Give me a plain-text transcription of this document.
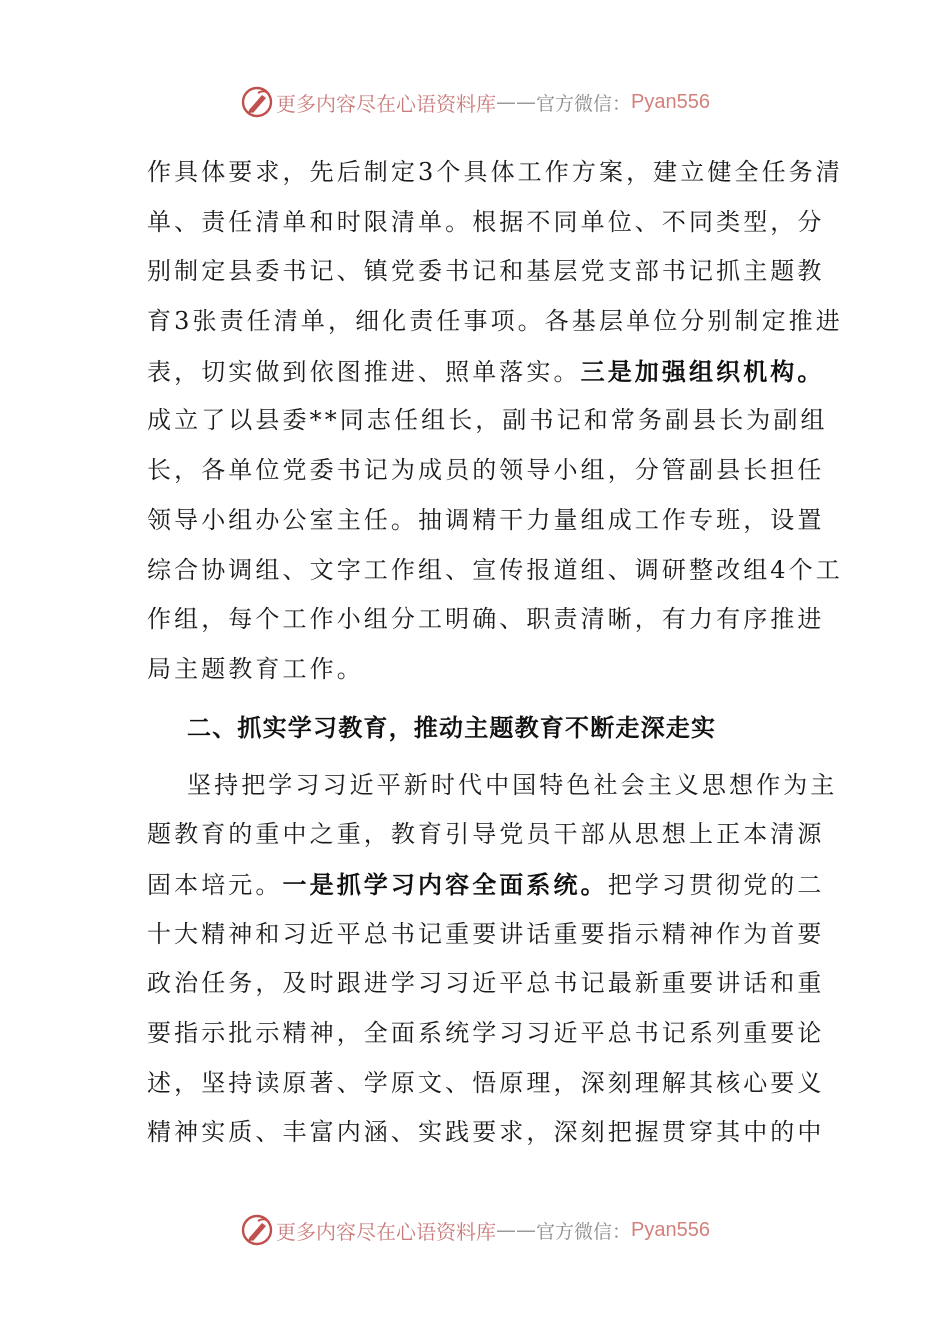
更多内容尽在心语资料库 —— 官方微信： Pyan556
作具体要求，先后制定3个具体工作方案，建立健全任务清
单、责任清单和时限清单。根据不同单位、不同类型，分
别制定县委书记、镇党委书记和基层党支部书记抓主题教
育3张责任清单，细化责任事项。各基层单位分别制定推进
表，切实做到依图推进、照单落实。三是加强组织机构。
成立了以县委**同志任组长，副书记和常务副县长为副组
长，各单位党委书记为成员的领导小组，分管副县长担任
领导小组办公室主任。抽调精干力量组成工作专班，设置
综合协调组、文字工作组、宣传报道组、调研整改组4个工
作组，每个工作小组分工明确、职责清晰，有力有序推进
局主题教育工作。
二、抓实学习教育，推动主题教育不断走深走实
坚持把学习习近平新时代中国特色社会主义思想作为主
题教育的重中之重，教育引导党员干部从思想上正本清源
固本培元。一是抓学习内容全面系统。把学习贯彻党的二
十大精神和习近平总书记重要讲话重要指示精神作为首要
政治任务，及时跟进学习习近平总书记最新重要讲话和重
要指示批示精神，全面系统学习习近平总书记系列重要论
述，坚持读原著、学原文、悟原理，深刻理解其核心要义
精神实质、丰富内涵、实践要求，深刻把握贯穿其中的中
更多内容尽在心语资料库 —— 官方微信： Pyan556
